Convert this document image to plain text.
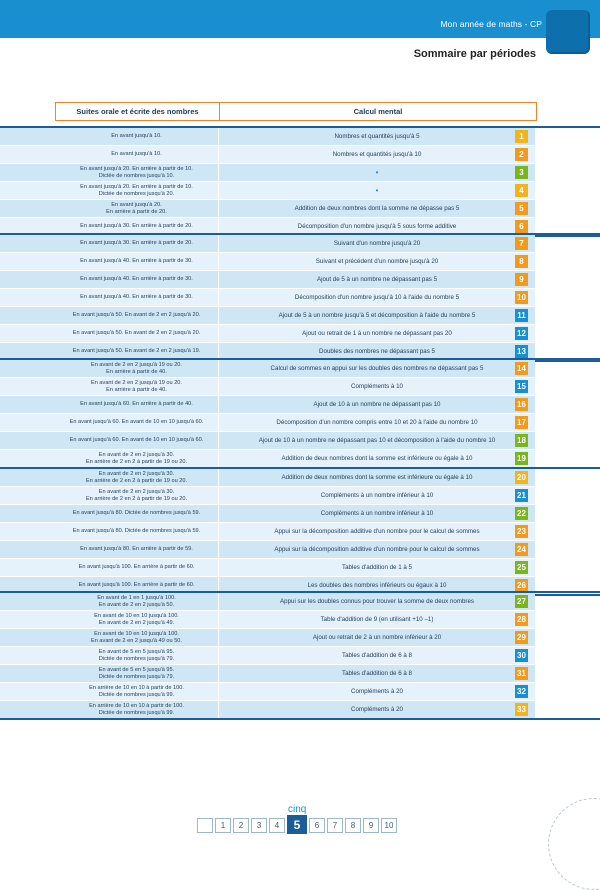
Mon année de maths - CP
Sommaire par périodes
Suites orale et écrite des nombres	Calcul mental
En avant jusqu'à 10.	Nombres et quantités jusqu'à 5	1
En avant jusqu'à 10.	Nombres et quantités jusqu'à 10	2
En avant jusqu'à 20. En arrière à partir de 10.
Dictée de nombres jusqu'à 10.	•	3
En avant jusqu'à 20. En arrière à partir de 10.
Dictée de nombres jusqu'à 20.	•	4
En avant jusqu'à 20.
En arrière à partir de 20.	Addition de deux nombres dont la somme ne dépasse pas 5	5
En avant jusqu'à 30. En arrière à partir de 20.	Décomposition d'un nombre jusqu'à 5 sous forme additive	6
En avant jusqu'à 30. En arrière à partir de 20.	Suivant d'un nombre jusqu'à 20	7
En avant jusqu'à 40. En arrière à partir de 30.	Suivant et précédent d'un nombre jusqu'à 20	8
En avant jusqu'à 40. En arrière à partir de 30.	Ajout de 5 à un nombre ne dépassant pas 5	9
En avant jusqu'à 40. En arrière à partir de 30.	Décomposition d'un nombre jusqu'à 10 à l'aide du nombre 5	10
En avant jusqu'à 50. En avant de 2 en 2 jusqu'à 20.	Ajout de 5 à un nombre jusqu'à 5 et décomposition à l'aide du nombre 5	11
En avant jusqu'à 50. En avant de 2 en 2 jusqu'à 20.	Ajout ou retrait de 1 à un nombre ne dépassant pas 20	12
En avant jusqu'à 50. En avant de 2 en 2 jusqu'à 19.	Doubles des nombres ne dépassant pas 5	13
En avant de 2 en 2 jusqu'à 19 ou 20.
En arrière à partir de 40.	Calcul de sommes en appui sur les doubles des nombres ne dépassant pas 5	14
En avant de 2 en 2 jusqu'à 19 ou 20.
En arrière à partir de 40.	Compléments à 10	15
En avant jusqu'à 60. En arrière à partir de 40.	Ajout de 10 à un nombre ne dépassant pas 10	16
En avant jusqu'à 60. En avant de 10 en 10 jusqu'à 60.	Décomposition d'un nombre compris entre 10 et 20 à l'aide du nombre 10	17
En avant jusqu'à 60. En avant de 10 en 10 jusqu'à 60.	Ajout de 10 à un nombre ne dépassant pas 10 et décomposition à l'aide du nombre 10	18
En avant de 2 en 2 jusqu'à 30.
En arrière de 2 en 2 à partir de 19 ou 20.	Addition de deux nombres dont la somme est inférieure ou égale à 10	19
En avant de 2 en 2 jusqu'à 30.
En arrière de 2 en 2 à partir de 19 ou 20.	Addition de deux nombres dont la somme est inférieure ou égale à 10	20
En avant de 2 en 2 jusqu'à 30.
En arrière de 2 en 2 à partir de 19 ou 20.	Compléments à un nombre inférieur à 10	21
En avant jusqu'à 80. Dictée de nombres jusqu'à 59.	Compléments à un nombre inférieur à 10	22
En avant jusqu'à 80. Dictée de nombres jusqu'à 59.	Appui sur la décomposition additive d'un nombre pour le calcul de sommes	23
En avant jusqu'à 80. En arrière à partir de 59.	Appui sur la décomposition additive d'un nombre pour le calcul de sommes	24
En avant jusqu'à 100. En arrière à partir de 60.	Tables d'addition de 1 à 5	25
En avant jusqu'à 100. En arrière à partir de 60.	Les doubles des nombres inférieurs ou égaux à 10	26
En avant de 1 en 1 jusqu'à 100.
En avant de 2 en 2 jusqu'à 50.	Appui sur les doubles connus pour trouver la somme de deux nombres	27
En avant de 10 en 10 jusqu'à 100.
En avant de 2 en 2 jusqu'à 49.	Table d'addition de 9 (en utilisant +10 –1)	28
En avant de 10 en 10 jusqu'à 100.
En avant de 2 en 2 jusqu'à 49 ou 50.	Ajout ou retrait de 2 à un nombre inférieur à 20	29
En avant de 5 en 5 jusqu'à 95.
Dictée de nombres jusqu'à 79.	Tables d'addition de 6 à 8	30
En avant de 5 en 5 jusqu'à 95.
Dictée de nombres jusqu'à 79.	Tables d'addition de 6 à 8	31
En arrière de 10 en 10 à partir de 100.
Dictée de nombres jusqu'à 99.	Compléments à 20	32
En arrière de 10 en 10 à partir de 100.
Dictée de nombres jusqu'à 99.	Compléments à 20	33
cinq
1	2	3	4	5	6	7	8	9	10
